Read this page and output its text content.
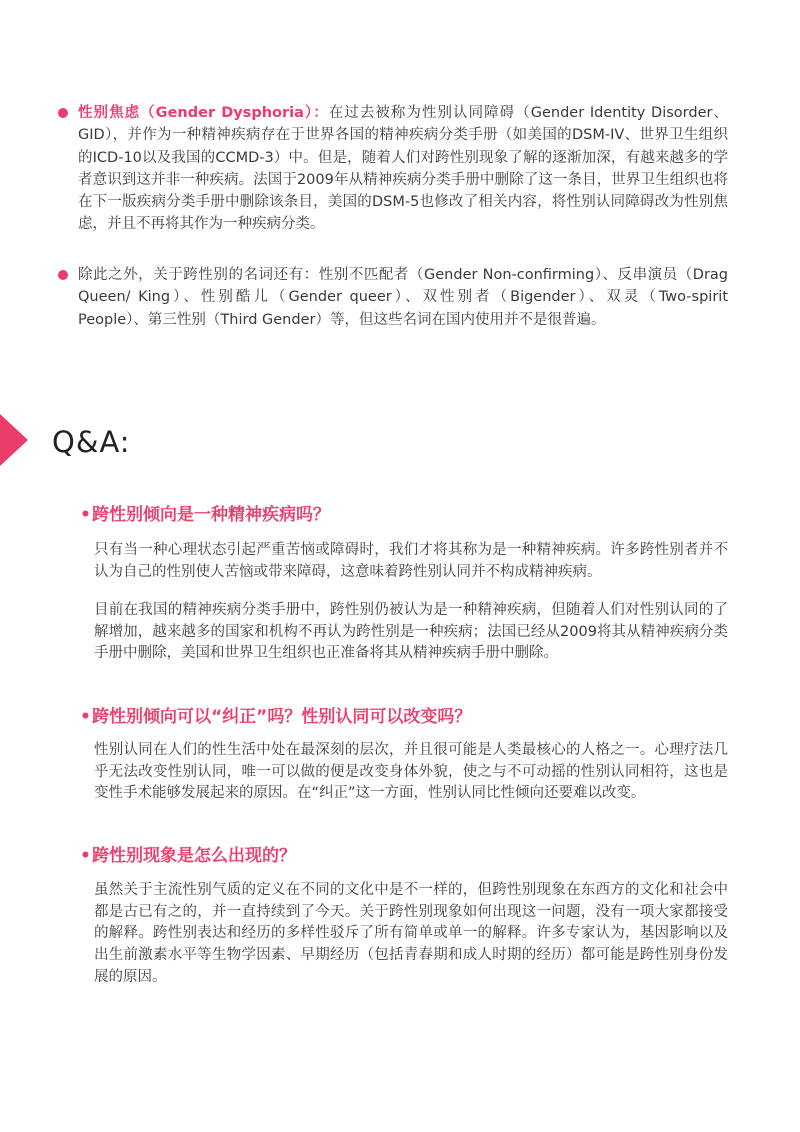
性别焦虑（Gender Dysphoria）：在过去被称为性别认同障碍（Gender Identity Disorder、GID），并作为一种精神疾病存在于世界各国的精神疾病分类手册（如美国的DSM-IV、世界卫生组织的ICD-10以及我国的CCMD-3）中。但是，随着人们对跨性别现象了解的逐渐加深，有越来越多的学者意识到这并非一种疾病。法国于2009年从精神疾病分类手册中删除了这一条目，世界卫生组织也将在下一版疾病分类手册中删除该条目，美国的DSM-5也修改了相关内容，将性别认同障碍改为性别焦虑，并且不再将其作为一种疾病分类。
除此之外，关于跨性别的名词还有：性别不匹配者（Gender Non-confirming）、反串演员（Drag Queen/ King）、性别酷儿（Gender queer）、双性别者（Bigender）、双灵（Two-spirit People）、第三性别（Third Gender）等，但这些名词在国内使用并不是很普遍。
Q&A:
•跨性别倾向是一种精神疾病吗？
只有当一种心理状态引起严重苦恼或障碍时，我们才将其称为是一种精神疾病。许多跨性别者并不认为自己的性别使人苦恼或带来障碍，这意味着跨性别认同并不构成精神疾病。
目前在我国的精神疾病分类手册中，跨性别仍被认为是一种精神疾病，但随着人们对性别认同的了解增加，越来越多的国家和机构不再认为跨性别是一种疾病；法国已经从2009将其从精神疾病分类手册中删除，美国和世界卫生组织也正准备将其从精神疾病手册中删除。
•跨性别倾向可以“纠正”吗？性别认同可以改变吗？
性别认同在人们的性生活中处在最深刻的层次，并且很可能是人类最核心的人格之一。心理疗法几乎无法改变性别认同，唯一可以做的便是改变身体外貌，使之与不可动摇的性别认同相符，这也是变性手术能够发展起来的原因。在“纠正”这一方面，性别认同比性倾向还要难以改变。
•跨性别现象是怎么出现的？
虽然关于主流性别气质的定义在不同的文化中是不一样的，但跨性别现象在东西方的文化和社会中都是古已有之的，并一直持续到了今天。关于跨性别现象如何出现这一问题，没有一项大家都接受的解释。跨性别表达和经历的多样性驳斥了所有简单或单一的解释。许多专家认为，基因影响以及出生前激素水平等生物学因素、早期经历（包括青春期和成人时期的经历）都可能是跨性别身份发展的原因。
